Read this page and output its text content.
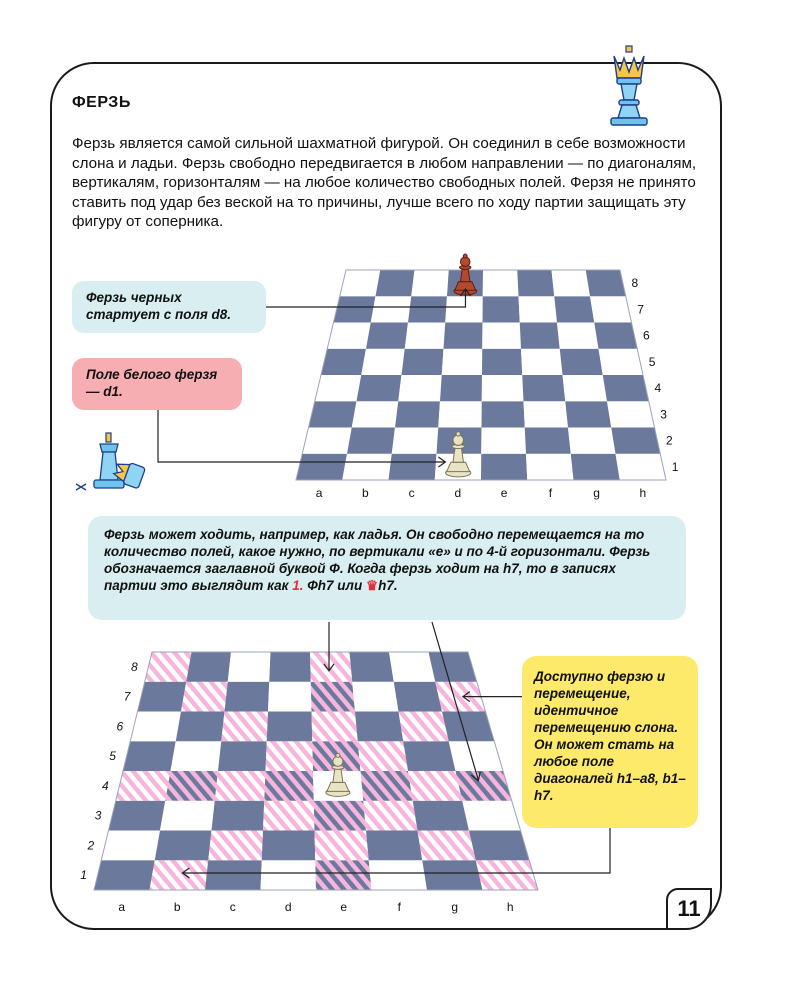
ФЕРЗЬ

Ферзь является самой сильной шахматной фигурой. Он соединил в себе возможности слона и ладьи. Ферзь свободно передвигается в любом направлении — по диагоналям, вертикалям, горизонталям — на любое количество свободных полей. Ферзя не принято ставить под удар без веской на то причины, лучше всего по ходу партии защищать эту фигуру от соперника.

a	b	c	d	e	f	g	h
1
2
3
4
5
6
7
8
a	b	c	d	e	f	g	h
1
2
3
4
5
6
7
8
Ферзь черных стартует с поля d8.
Поле белого ферзя — d1.
Ферзь может ходить, например, как ладья. Он свободно перемещается на то количество полей, какое нужно, по вертикали «е» и по 4-й горизонтали. Ферзь обозначается заглавной буквой Ф. Когда ферзь ходит на h7, то в записях партии это выглядит как 1. Фh7 или ♛h7.
Доступно ферзю и перемещение, идентичное перемещению слона. Он может стать на любое поле диагоналей h1–a8, b1–h7.
11
